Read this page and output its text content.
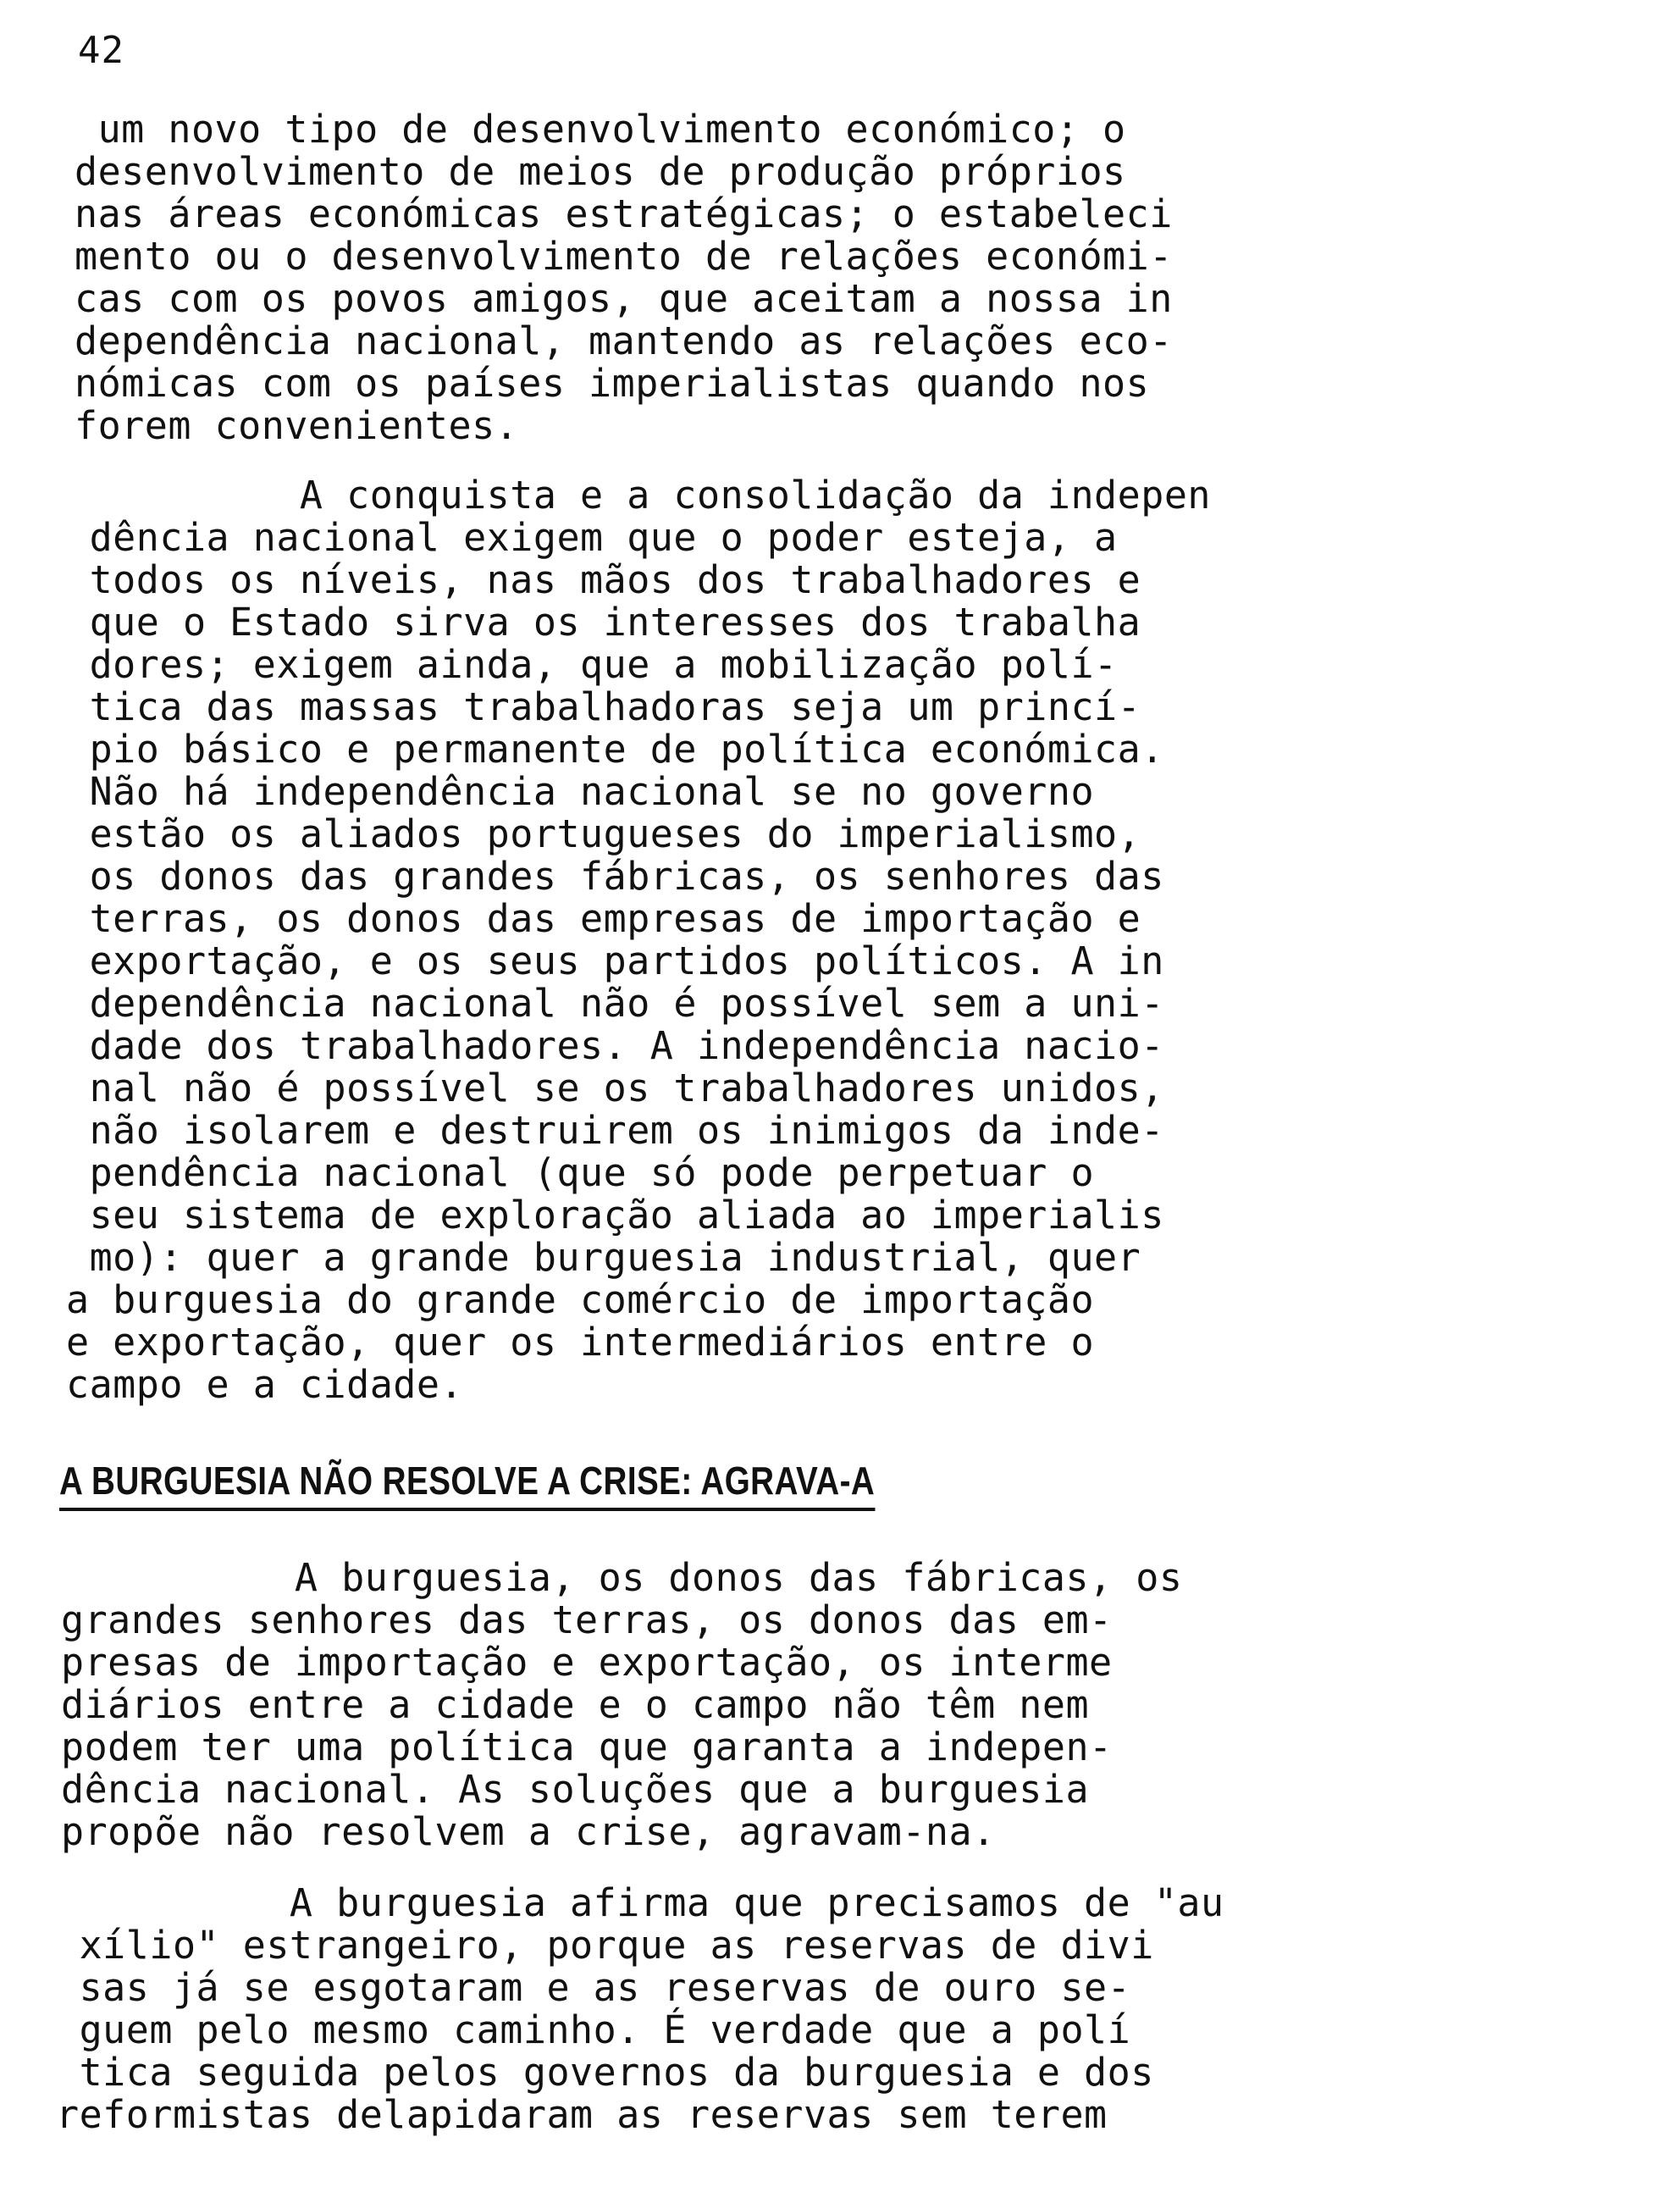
42
um novo tipo de desenvolvimento económico; o
desenvolvimento de meios de produção próprios
nas áreas económicas estratégicas; o estabeleci
mento ou o desenvolvimento de relações económi-
cas com os povos amigos, que aceitam a nossa in
dependência nacional, mantendo as relações eco-
nómicas com os países imperialistas quando nos
forem convenientes.
A conquista e a consolidação da indepen
dência nacional exigem que o poder esteja, a
todos os níveis, nas mãos dos trabalhadores e
que o Estado sirva os interesses dos trabalha
dores; exigem ainda, que a mobilização polí-
tica das massas trabalhadoras seja um princí-
pio básico e permanente de política económica.
Não há independência nacional se no governo
estão os aliados portugueses do imperialismo,
os donos das grandes fábricas, os senhores das
terras, os donos das empresas de importação e
exportação, e os seus partidos políticos. A in
dependência nacional não é possível sem a uni-
dade dos trabalhadores. A independência nacio-
nal não é possível se os trabalhadores unidos,
não isolarem e destruirem os inimigos da inde-
pendência nacional (que só pode perpetuar o
seu sistema de exploração aliada ao imperialis
mo): quer a grande burguesia industrial, quer
a burguesia do grande comércio de importação
e exportação, quer os intermediários entre o
campo e a cidade.
A BURGUESIA NÃO RESOLVE A CRISE: AGRAVA-A
A burguesia, os donos das fábricas, os
grandes senhores das terras, os donos das em-
presas de importação e exportação, os interme
diários entre a cidade e o campo não têm nem
podem ter uma política que garanta a indepen-
dência nacional. As soluções que a burguesia
propõe não resolvem a crise, agravam-na.
A burguesia afirma que precisamos de "au
xílio" estrangeiro, porque as reservas de divi
sas já se esgotaram e as reservas de ouro se-
guem pelo mesmo caminho. É verdade que a polí
tica seguida pelos governos da burguesia e dos
reformistas delapidaram as reservas sem terem
